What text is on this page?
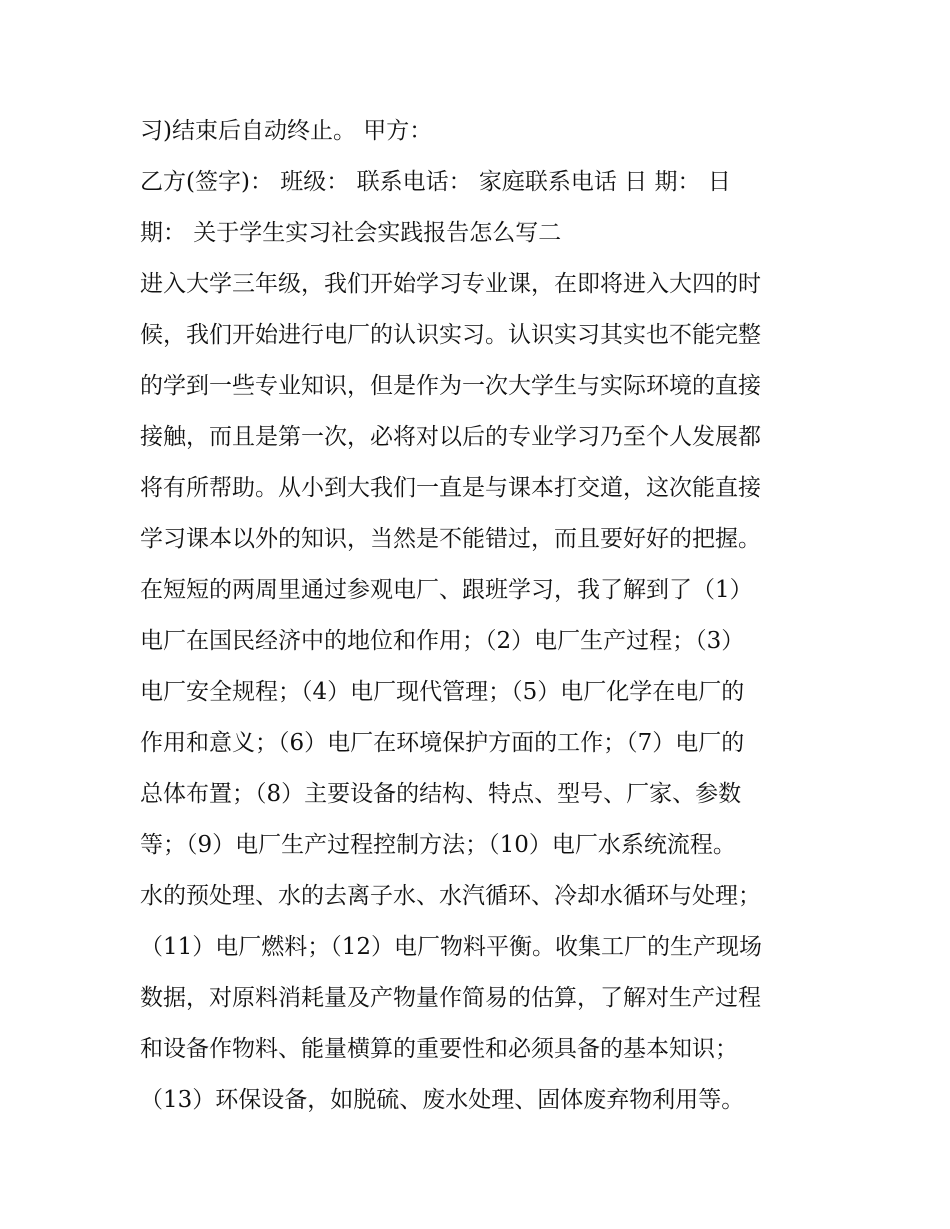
习)结束后自动终止。 甲方：
乙方(签字)： 班级： 联系电话： 家庭联系电话 日 期： 日
期： 关于学生实习社会实践报告怎么写二
进入大学三年级，我们开始学习专业课，在即将进入大四的时
候，我们开始进行电厂的认识实习。认识实习其实也不能完整
的学到一些专业知识，但是作为一次大学生与实际环境的直接
接触，而且是第一次，必将对以后的专业学习乃至个人发展都
将有所帮助。从小到大我们一直是与课本打交道，这次能直接
学习课本以外的知识，当然是不能错过，而且要好好的把握。
在短短的两周里通过参观电厂、跟班学习，我了解到了（1）
电厂在国民经济中的地位和作用；（2）电厂生产过程；（3）
电厂安全规程；（4）电厂现代管理；（5）电厂化学在电厂的
作用和意义；（6）电厂在环境保护方面的工作；（7）电厂的
总体布置；（8）主要设备的结构、特点、型号、厂家、参数
等；（9）电厂生产过程控制方法；（10）电厂水系统流程。
水的预处理、水的去离子水、水汽循环、冷却水循环与处理；
（11）电厂燃料；（12）电厂物料平衡。收集工厂的生产现场
数据，对原料消耗量及产物量作简易的估算，了解对生产过程
和设备作物料、能量横算的重要性和必须具备的基本知识；
（13）环保设备，如脱硫、废水处理、固体废弃物利用等。
